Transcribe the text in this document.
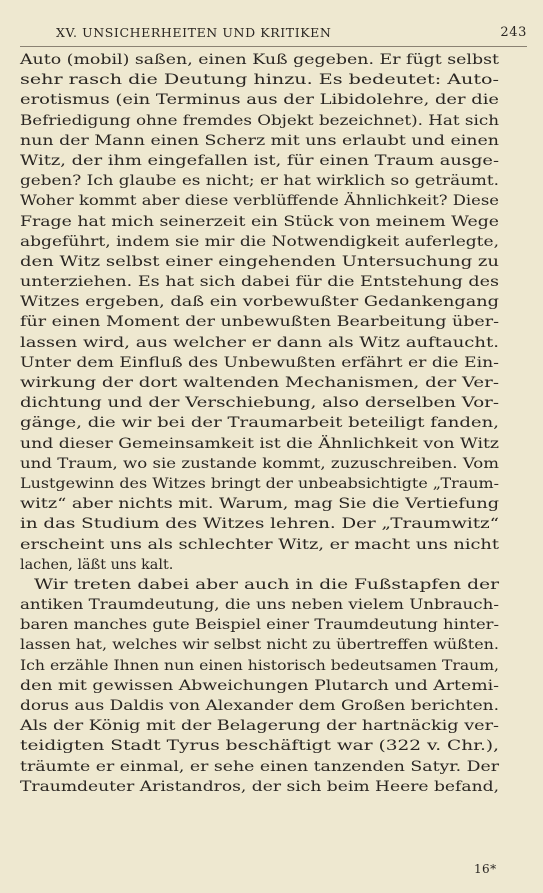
XV. UNSICHERHEITEN UND KRITIKEN	243
Auto (mobil) saßen, einen Kuß gegeben. Er fügt selbst
sehr rasch die Deutung hinzu. Es bedeutet: Auto-
erotismus (ein Terminus aus der Libidolehre, der die
Befriedigung ohne fremdes Objekt bezeichnet). Hat sich
nun der Mann einen Scherz mit uns erlaubt und einen
Witz, der ihm eingefallen ist, für einen Traum ausge-
geben? Ich glaube es nicht; er hat wirklich so geträumt.
Woher kommt aber diese verblüffende Ähnlichkeit? Diese
Frage hat mich seinerzeit ein Stück von meinem Wege
abgeführt, indem sie mir die Notwendigkeit auferlegte,
den Witz selbst einer eingehenden Untersuchung zu
unterziehen. Es hat sich dabei für die Entstehung des
Witzes ergeben, daß ein vorbewußter Gedankengang
für einen Moment der unbewußten Bearbeitung über-
lassen wird, aus welcher er dann als Witz auftaucht.
Unter dem Einfluß des Unbewußten erfährt er die Ein-
wirkung der dort waltenden Mechanismen, der Ver-
dichtung und der Verschiebung, also derselben Vor-
gänge, die wir bei der Traumarbeit beteiligt fanden,
und dieser Gemeinsamkeit ist die Ähnlichkeit von Witz
und Traum, wo sie zustande kommt, zuzuschreiben. Vom
Lustgewinn des Witzes bringt der unbeabsichtigte „Traum-
witz“ aber nichts mit. Warum, mag Sie die Vertiefung
in das Studium des Witzes lehren. Der „Traumwitz“
erscheint uns als schlechter Witz, er macht uns nicht
lachen, läßt uns kalt.
Wir treten dabei aber auch in die Fußstapfen der
antiken Traumdeutung, die uns neben vielem Unbrauch-
baren manches gute Beispiel einer Traumdeutung hinter-
lassen hat, welches wir selbst nicht zu übertreffen wüßten.
Ich erzähle Ihnen nun einen historisch bedeutsamen Traum,
den mit gewissen Abweichungen Plutarch und Artemi-
dorus aus Daldis von Alexander dem Großen berichten.
Als der König mit der Belagerung der hartnäckig ver-
teidigten Stadt Tyrus beschäftigt war (322 v. Chr.),
träumte er einmal, er sehe einen tanzenden Satyr. Der
Traumdeuter Aristandros, der sich beim Heere befand,
16*
